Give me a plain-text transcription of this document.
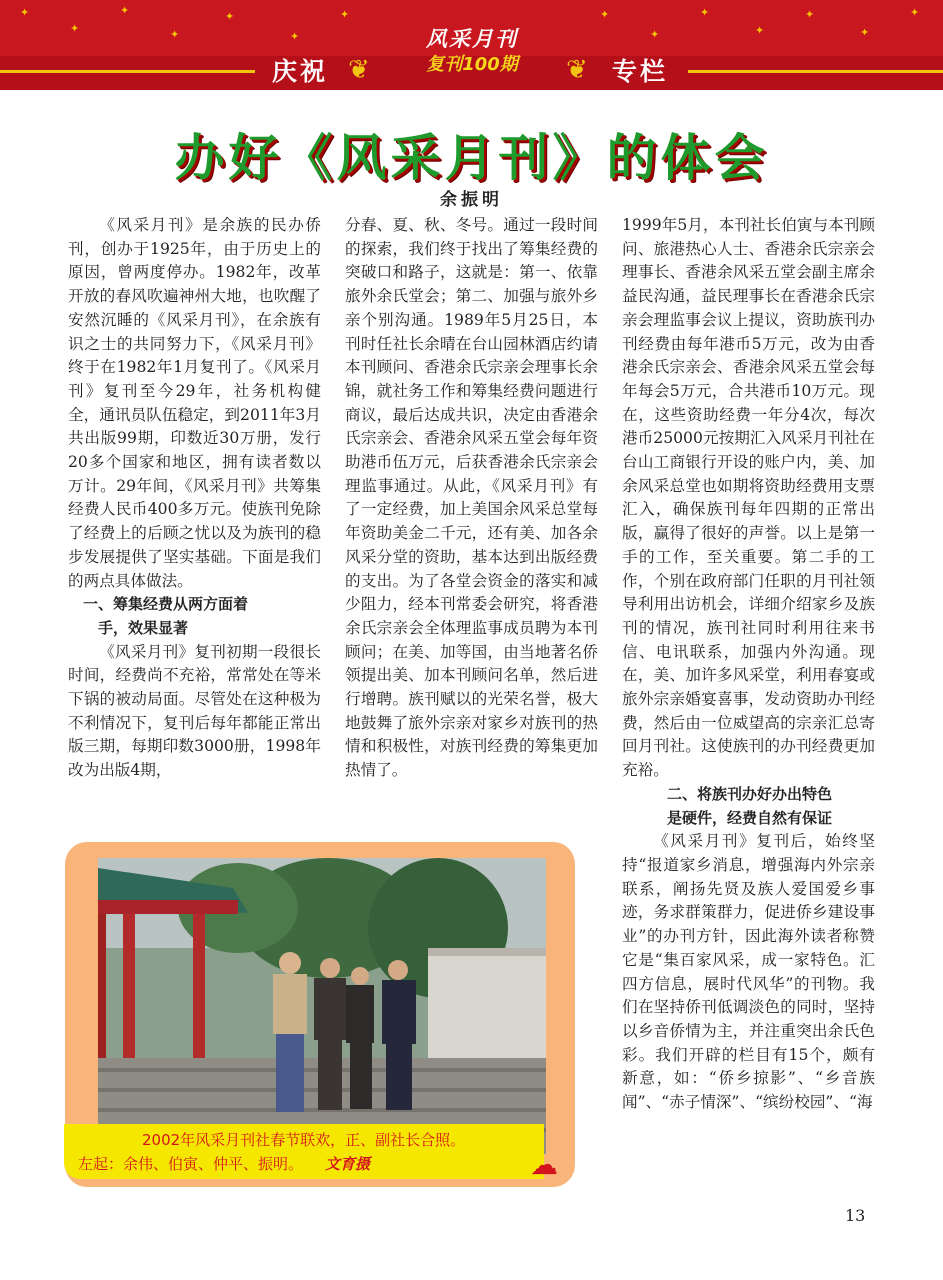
✦
✦
✦
✦
✦
✦
✦	✦
✦
✦
✦
✦
✦
✦
庆祝	专栏
❦
风采月刊
复刊100期	❦
办好《风采月刊》的体会
余振明

《风采月刊》是余族的民办侨刊，创办于1925年，由于历史上的原因，曾两度停办。1982年，改革开放的春风吹遍神州大地，也吹醒了安然沉睡的《风采月刊》，在余族有识之士的共同努力下，《风采月刊》终于在1982年1月复刊了。《风采月刊》复刊至今29年，社务机构健全，通讯员队伍稳定，到2011年3月共出版99期，印数近30万册，发行20多个国家和地区，拥有读者数以万计。29年间，《风采月刊》共筹集经费人民币400多万元。使族刊免除了经费上的后顾之忧以及为族刊的稳步发展提供了坚实基础。下面是我们的两点具体做法。

一、筹集经费从两方面着

手，效果显著

《风采月刊》复刊初期一段很长时间，经费尚不充裕，常常处在等米下锅的被动局面。尽管处在这种极为不利情况下，复刊后每年都能正常出版三期，每期印数3000册，1998年改为出版4期，

分春、夏、秋、冬号。通过一段时间的探索，我们终于找出了筹集经费的突破口和路子，这就是：第一、依靠旅外余氏堂会；第二、加强与旅外乡亲个别沟通。1989年5月25日，本刊时任社长余晴在台山园林酒店约请本刊顾问、香港余氏宗亲会理事长余锦，就社务工作和筹集经费问题进行商议，最后达成共识，决定由香港余氏宗亲会、香港余风采五堂会每年资助港币伍万元，后获香港余氏宗亲会理监事通过。从此，《风采月刊》有了一定经费，加上美国余风采总堂每年资助美金二千元，还有美、加各余风采分堂的资助，基本达到出版经费的支出。为了各堂会资金的落实和减少阻力，经本刊常委会研究，将香港余氏宗亲会全体理监事成员聘为本刊顾问；在美、加等国，由当地著名侨领提出美、加本刊顾问名单，然后进行增聘。族刊赋以的光荣名誉，极大地鼓舞了旅外宗亲对家乡对族刊的热情和积极性，对族刊经费的筹集更加热情了。

1999年5月，本刊社长伯寅与本刊顾问、旅港热心人士、香港余氏宗亲会理事长、香港余风采五堂会副主席余益民沟通，益民理事长在香港余氏宗亲会理监事会议上提议，资助族刊办刊经费由每年港币5万元，改为由香港余氏宗亲会、香港余风采五堂会每年每会5万元，合共港币10万元。现在，这些资助经费一年分4次，每次港币25000元按期汇入风采月刊社在台山工商银行开设的账户内，美、加余风采总堂也如期将资助经费用支票汇入，确保族刊每年四期的正常出版，赢得了很好的声誉。以上是第一手的工作，至关重要。第二手的工作，个别在政府部门任职的月刊社领导利用出访机会，详细介绍家乡及族刊的情况，族刊社同时利用往来书信、电讯联系，加强内外沟通。现在，美、加许多风采堂，利用春宴或旅外宗亲婚宴喜事，发动资助办刊经费，然后由一位威望高的宗亲汇总寄回月刊社。这使族刊的办刊经费更加充裕。

二、将族刊办好办出特色

是硬件，经费自然有保证

《风采月刊》复刊后，始终坚持“报道家乡消息，增强海内外宗亲联系，阐扬先贤及族人爱国爱乡事迹，务求群策群力，促进侨乡建设事业”的办刊方针，因此海外读者称赞它是“集百家风采，成一家特色。汇四方信息，展时代风华”的刊物。我们在坚持侨刊低调淡色的同时，坚持以乡音侨情为主，并注重突出余氏色彩。我们开辟的栏目有15个，颇有新意，如：“侨乡掠影”、“乡音族闻”、“赤子情深”、“缤纷校园”、“海

2002年风采月刊社春节联欢，正、副社长合照。
左起：余伟、伯寅、仲平、振明。 文育摄	☁
13
